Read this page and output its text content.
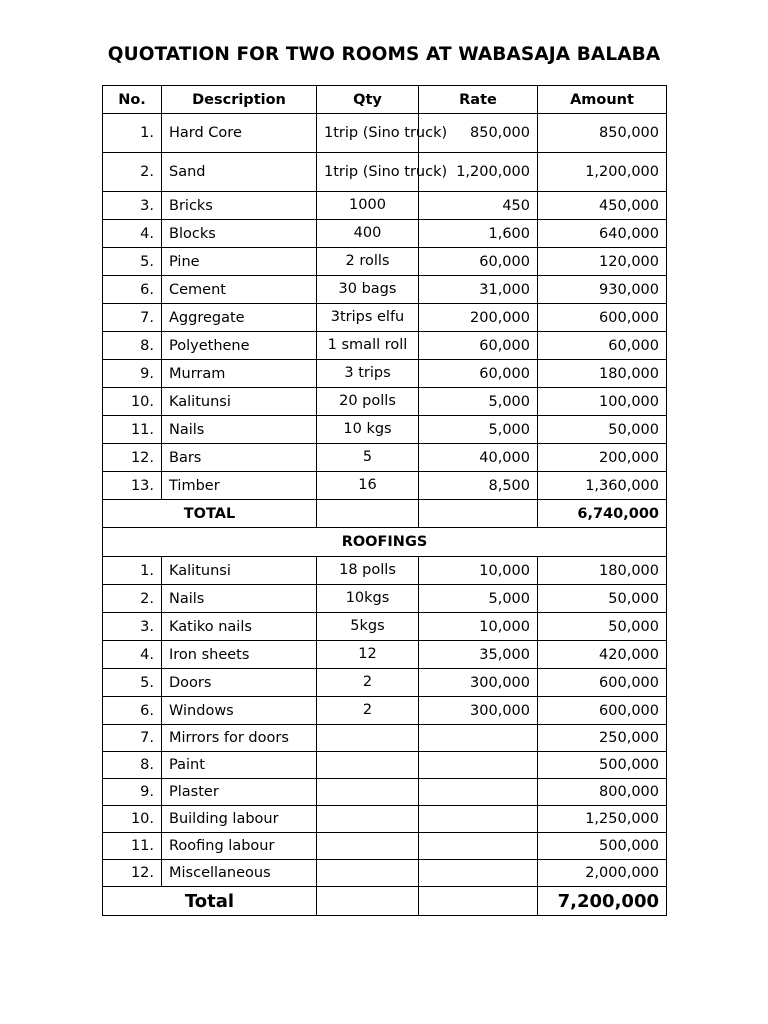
QUOTATION FOR TWO ROOMS AT WABASAJA BALABA
No.	Description	Qty	Rate	Amount
1.	Hard Core	1trip (Sino truck)	850,000	850,000
2.	Sand	1trip (Sino truck)	1,200,000	1,200,000
3.	Bricks	1000	450	450,000
4.	Blocks	400	1,600	640,000
5.	Pine	2 rolls	60,000	120,000
6.	Cement	30 bags	31,000	930,000
7.	Aggregate	3trips elfu	200,000	600,000
8.	Polyethene	1 small roll	60,000	60,000
9.	Murram	3 trips	60,000	180,000
10.	Kalitunsi	20 polls	5,000	100,000
11.	Nails	10 kgs	5,000	50,000
12.	Bars	5	40,000	200,000
13.	Timber	16	8,500	1,360,000
TOTAL				6,740,000
ROOFINGS				
1.	Kalitunsi	18 polls	10,000	180,000
2.	Nails	10kgs	5,000	50,000
3.	Katiko nails	5kgs	10,000	50,000
4.	Iron sheets	12	35,000	420,000
5.	Doors	2	300,000	600,000
6.	Windows	2	300,000	600,000
7.	Mirrors for doors			250,000
8.	Paint			500,000
9.	Plaster			800,000
10.	Building labour			1,250,000
11.	Roofing labour			500,000
12.	Miscellaneous			2,000,000
Total				7,200,000
